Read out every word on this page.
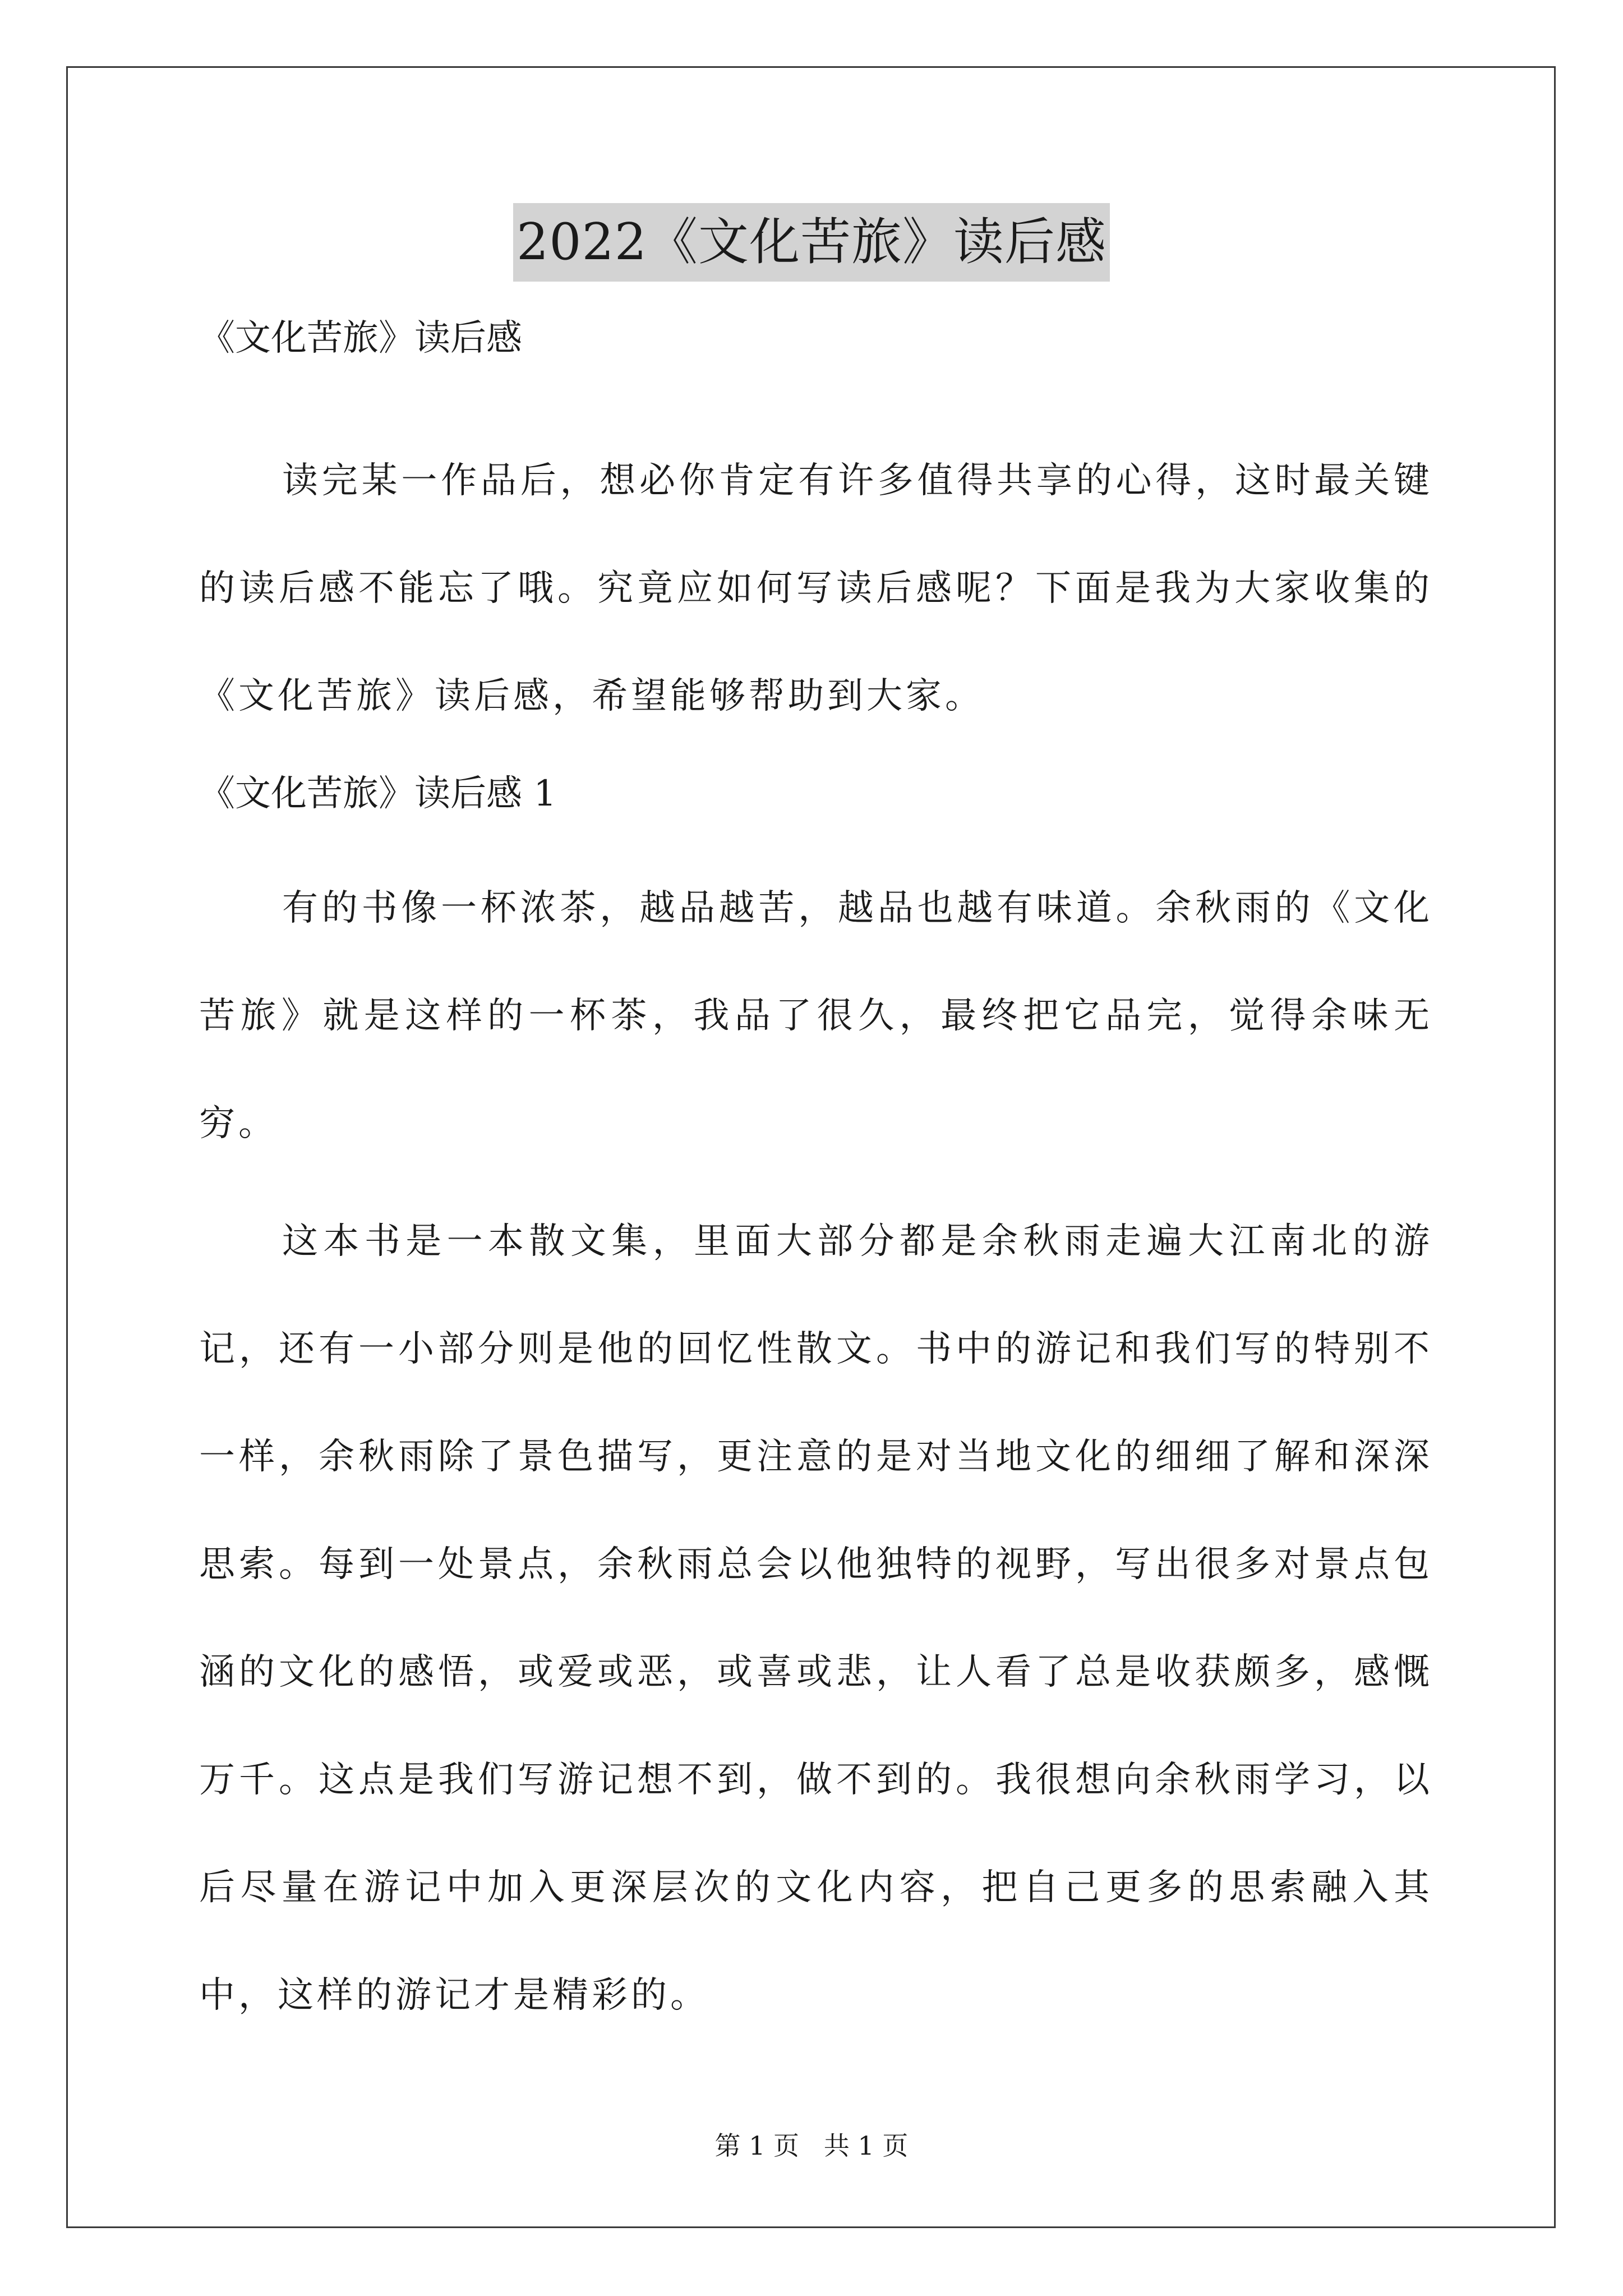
2022《文化苦旅》读后感
《文化苦旅》读后感

读完某一作品后，想必你肯定有许多值得共享的心得，这时最关键的读后感不能忘了哦。究竟应如何写读后感呢？下面是我为大家收集的《文化苦旅》读后感，希望能够帮助到大家。

《文化苦旅》读后感 1

有的书像一杯浓茶，越品越苦，越品也越有味道。余秋雨的《文化苦旅》就是这样的一杯茶，我品了很久，最终把它品完，觉得余味无穷。

这本书是一本散文集，里面大部分都是余秋雨走遍大江南北的游记，还有一小部分则是他的回忆性散文。书中的游记和我们写的特别不一样，余秋雨除了景色描写，更注意的是对当地文化的细细了解和深深思索。每到一处景点，余秋雨总会以他独特的视野，写出很多对景点包涵的文化的感悟，或爱或恶，或喜或悲，让人看了总是收获颇多，感慨万千。这点是我们写游记想不到，做不到的。我很想向余秋雨学习，以后尽量在游记中加入更深层次的文化内容，把自己更多的思索融入其中，这样的游记才是精彩的。

第 1 页   共 1 页
